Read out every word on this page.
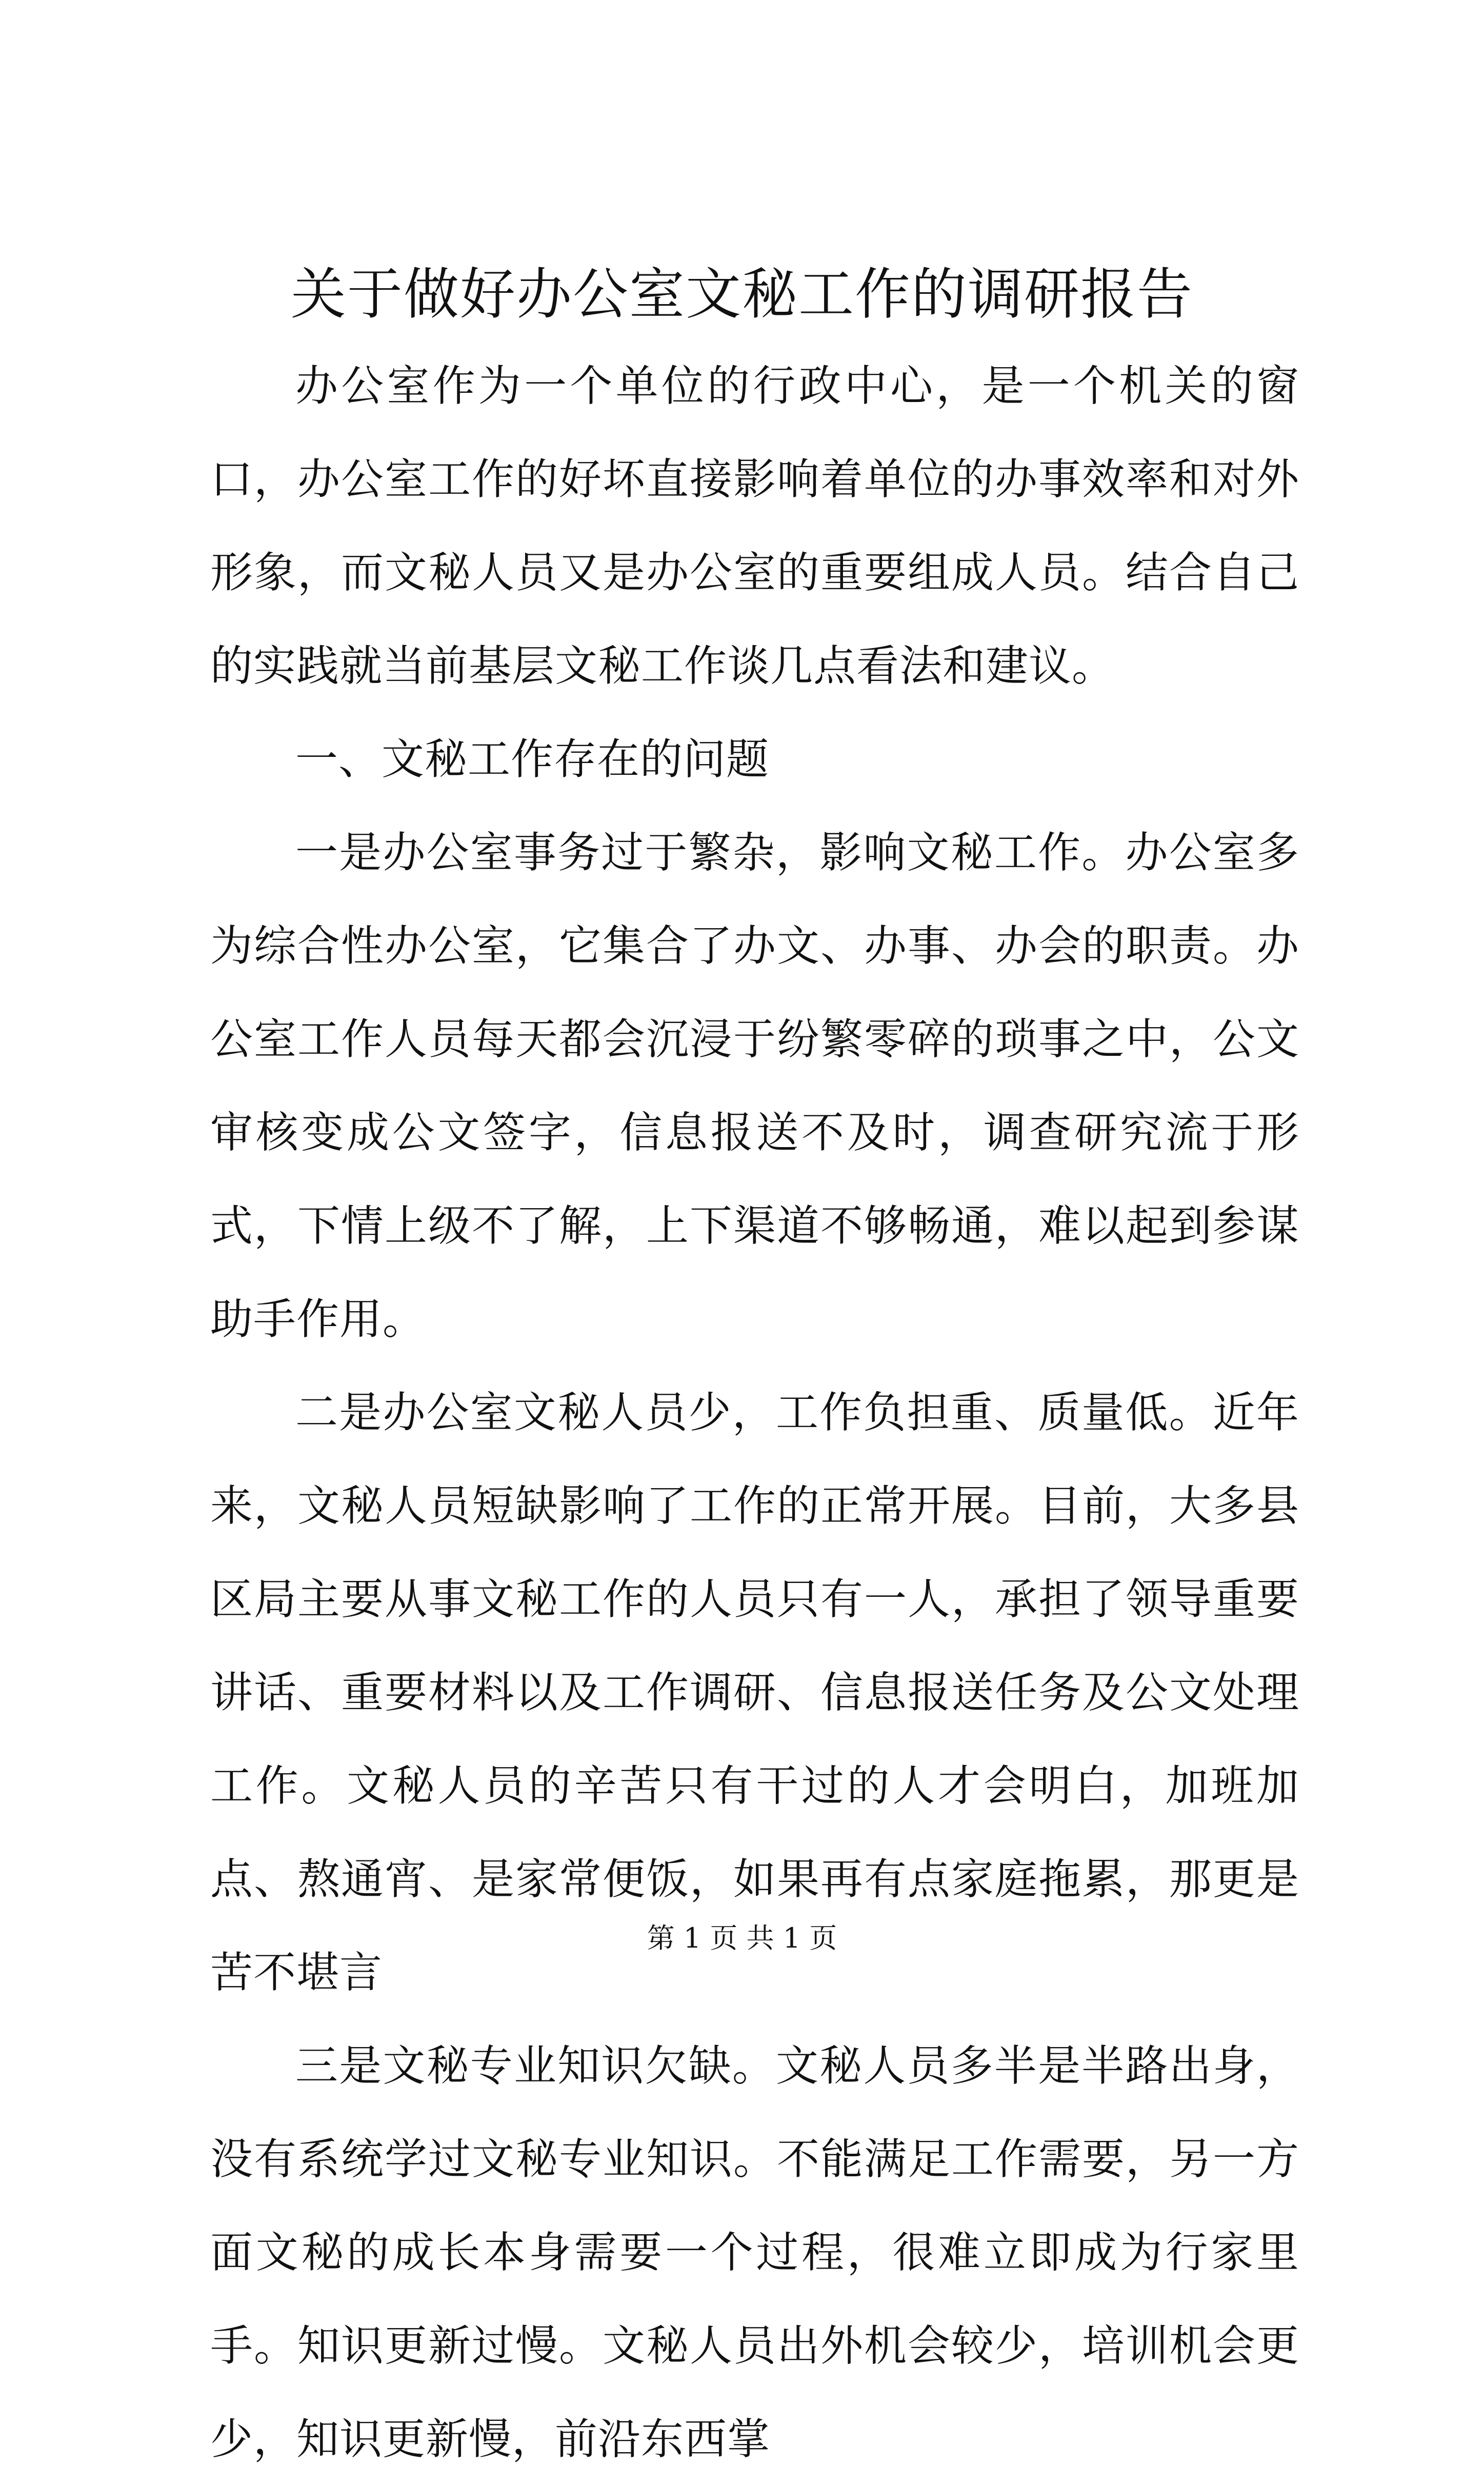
关于做好办公室文秘工作的调研报告

办公室作为一个单位的行政中心，是一个机关的窗口，办公室工作的好坏直接影响着单位的办事效率和对外形象，而文秘人员又是办公室的重要组成人员。结合自己的实践就当前基层文秘工作谈几点看法和建议。

一、文秘工作存在的问题

一是办公室事务过于繁杂，影响文秘工作。办公室多为综合性办公室，它集合了办文、办事、办会的职责。办公室工作人员每天都会沉浸于纷繁零碎的琐事之中，公文审核变成公文签字，信息报送不及时，调查研究流于形式，下情上级不了解，上下渠道不够畅通，难以起到参谋助手作用。

二是办公室文秘人员少，工作负担重、质量低。近年来，文秘人员短缺影响了工作的正常开展。目前，大多县区局主要从事文秘工作的人员只有一人，承担了领导重要讲话、重要材料以及工作调研、信息报送任务及公文处理工作。文秘人员的辛苦只有干过的人才会明白，加班加点、熬通宵、是家常便饭，如果再有点家庭拖累，那更是苦不堪言

三是文秘专业知识欠缺。文秘人员多半是半路出身，没有系统学过文秘专业知识。不能满足工作需要，另一方面文秘的成长本身需要一个过程，很难立即成为行家里手。知识更新过慢。文秘人员出外机会较少，培训机会更少，知识更新慢，前沿东西掌

第 1 页 共 1 页
